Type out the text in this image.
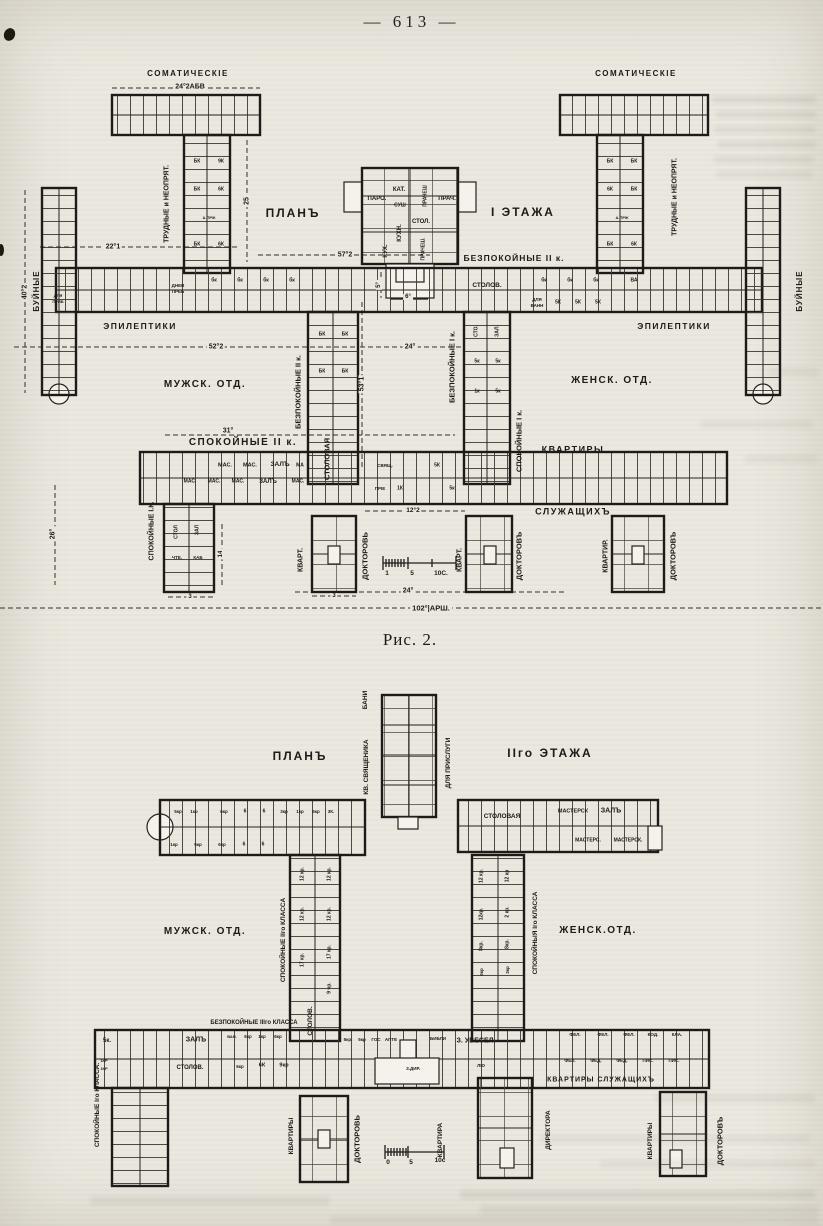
— 613 —
СОМАТИЧЕСКІЕ	СОМАТИЧЕСКІЕ
ТРУДНЫЕ и НЕОПРЯТ.	ТРУДНЫЕ и НЕОПРЯТ.
ПЛАНЪ	I ЭТАЖА
БЕЗПОКОЙНЫЕ II к.
БУЙНЫЕ	БУЙНЫЕ
ЭПИЛЕПТИКИ	ЭПИЛЕПТИКИ
МУЖСК. ОТД.	ЖЕНСК. ОТД.
БЕЗПОКОЙНЫЕ II к.	БЕЗПОКОЙНЫЕ I к.
СПОКОЙНЫЕ I к.
СПОКОЙНЫЕ II к.	СТОЛОВАЯ	КВАРТИРЫ
СЛУЖАЩИХЪ
СПОКОЙНЫЕ І.К.	КВАРТ.	ДОКТОРОВЬ	КВАРТ.	ДОКТОРОВЪ	КВАРТИР.	ДОКТОРОВЪ
24°2АБВ
25
22°1
40°2
57°2
52°2	24°
53°1
5°
6°
31°
26°
14
12°2
3
3
24°
102°|АРШ.
1	5	10С.
КАТ.
ПАРО.
СУШ	ПРАЧЕШ ПРАЧ.
СТОЛ.
КУХН.
КУХ.	ПРАЧЕШ.
СТОЛОВ.
ДНЕВ
ПРЕБ
бк	бк	бк	бк	бк	бк	бк	ВА
ДЛЯ
ВАНН 5К	5К	5К
БК	БК
БК	БК
СТО.	ЗАЛ.
5к	5к
1к	5к
МАС. МАС. ЗАЛЪ МА
МАС. МАС. МАС. ЗАЛЪ	МАС.
СВЯЩ.	5К
1К	5к
ПРІЕ
СТОЛ	ЗАЛ
ЧТЕ.	КАБ
БК	9К
БК	6К
А.ПРЖ
БК	6К
БК	БК
6К	БК
А.ПРЖ
БК	6К
ДЛЯ
ПРИБ
ПЛАНЪ	ІІго ЭТАЖА
БАНИ
КВ. СВЯЩЕНИКА	ДЛЯ ПРИСЛУГИ
СТОЛОВАЯ
МАСТЕРСК ЗАЛЪ
МАСТЕРС.	МАСТЕРСК.
МУЖСК. ОТД.	ЖЕНСК.ОТД.
СПОКОЙНЫЕ ІІго КЛАССА	СПОКОЙНЫЯ Іго КЛАССА
БЕЗПОКОЙНЫЕ ІІІго КЛАССА СТОЛОВ.
СПОКОЙНЫЕ Іго КЛАССА.	КВАРТИРЫ	ДОКТОРОВЬ	КВАРТИРА	ДИРЕКТОРА	КВАРТИРЫ	ДОКТОРОВЪ
КВАРТИРЫ СЛУЖАЩИХЪ
З. УВЕСЕЛ.
ЗАЛЪ
СТОЛОВ.
5к.
5кр 1кр	6кр	6	6	3кр 1кр 6кр 3К.
1кр	5кр	6кр	6	6
12 кр.	12 кр.
12 кр.	12 кр.
17 кр.
17 кр.
9 чр.
12 кр.	12 кр
12кр.	2 кр.
8кр.	8кр.
6кр	3кр
ВАН. 6кр 1кр 6кр
1КР
1КР	6кр	6К	9кр
5кр. 5кр ГОС АПТЕ	БИБЛИ
ЛЮ
З.ДИР.
ФЕЛ.	ФЕЛ.	ФЕЛ.	КОД.	КЛА.
ФЕЛ.	ФЕД.	ФЕД.	ПИС.	ПИС.
0	5	10с
Рис. 2.
